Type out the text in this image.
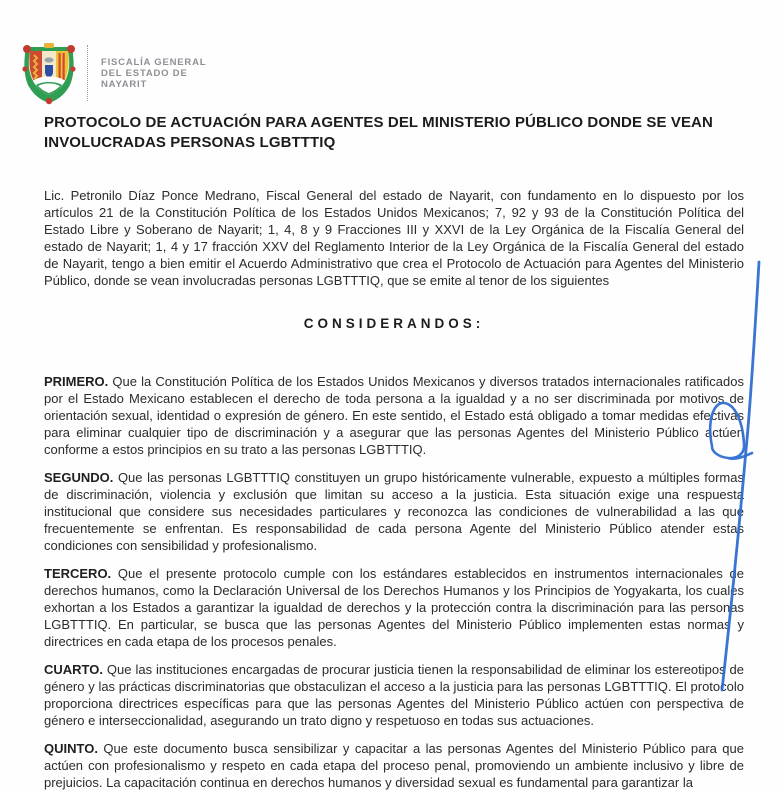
FISCALÍA GENERAL
DEL ESTADO DE
NAYARIT
PROTOCOLO DE ACTUACIÓN PARA AGENTES DEL MINISTERIO PÚBLICO DONDE SE VEAN INVOLUCRADAS PERSONAS LGBTTTIQ

Lic. Petronilo Díaz Ponce Medrano, Fiscal General del estado de Nayarit, con fundamento en lo dispuesto por los artículos 21 de la Constitución Política de los Estados Unidos Mexicanos; 7, 92 y 93 de la Constitución Política del Estado Libre y Soberano de Nayarit; 1, 4, 8 y 9 Fracciones III y XXVI de la Ley Orgánica de la Fiscalía General del estado de Nayarit; 1, 4 y 17 fracción XXV del Reglamento Interior de la Ley Orgánica de la Fiscalía General del estado de Nayarit, tengo a bien emitir el Acuerdo Administrativo que crea el Protocolo de Actuación para Agentes del Ministerio Público, donde se vean involucradas personas LGBTTTIQ, que se emite al tenor de los siguientes

CONSIDERANDOS:

PRIMERO. Que la Constitución Política de los Estados Unidos Mexicanos y diversos tratados internacionales ratificados por el Estado Mexicano establecen el derecho de toda persona a la igualdad y a no ser discriminada por motivos de orientación sexual, identidad o expresión de género. En este sentido, el Estado está obligado a tomar medidas efectivas para eliminar cualquier tipo de discriminación y a asegurar que las personas Agentes del Ministerio Público actúen conforme a estos principios en su trato a las personas LGBTTTIQ.

SEGUNDO. Que las personas LGBTTTIQ constituyen un grupo históricamente vulnerable, expuesto a múltiples formas de discriminación, violencia y exclusión que limitan su acceso a la justicia. Esta situación exige una respuesta institucional que considere sus necesidades particulares y reconozca las condiciones de vulnerabilidad a las que frecuentemente se enfrentan. Es responsabilidad de cada persona Agente del Ministerio Público atender estas condiciones con sensibilidad y profesionalismo.

TERCERO. Que el presente protocolo cumple con los estándares establecidos en instrumentos internacionales de derechos humanos, como la Declaración Universal de los Derechos Humanos y los Principios de Yogyakarta, los cuales exhortan a los Estados a garantizar la igualdad de derechos y la protección contra la discriminación para las personas LGBTTTIQ. En particular, se busca que las personas Agentes del Ministerio Público implementen estas normas y directrices en cada etapa de los procesos penales.

CUARTO. Que las instituciones encargadas de procurar justicia tienen la responsabilidad de eliminar los estereotipos de género y las prácticas discriminatorias que obstaculizan el acceso a la justicia para las personas LGBTTTIQ. El protocolo proporciona directrices específicas para que las personas Agentes del Ministerio Público actúen con perspectiva de género e interseccionalidad, asegurando un trato digno y respetuoso en todas sus actuaciones.

QUINTO. Que este documento busca sensibilizar y capacitar a las personas Agentes del Ministerio Público para que actúen con profesionalismo y respeto en cada etapa del proceso penal, promoviendo un ambiente inclusivo y libre de prejuicios. La capacitación continua en derechos humanos y diversidad sexual es fundamental para garantizar la
